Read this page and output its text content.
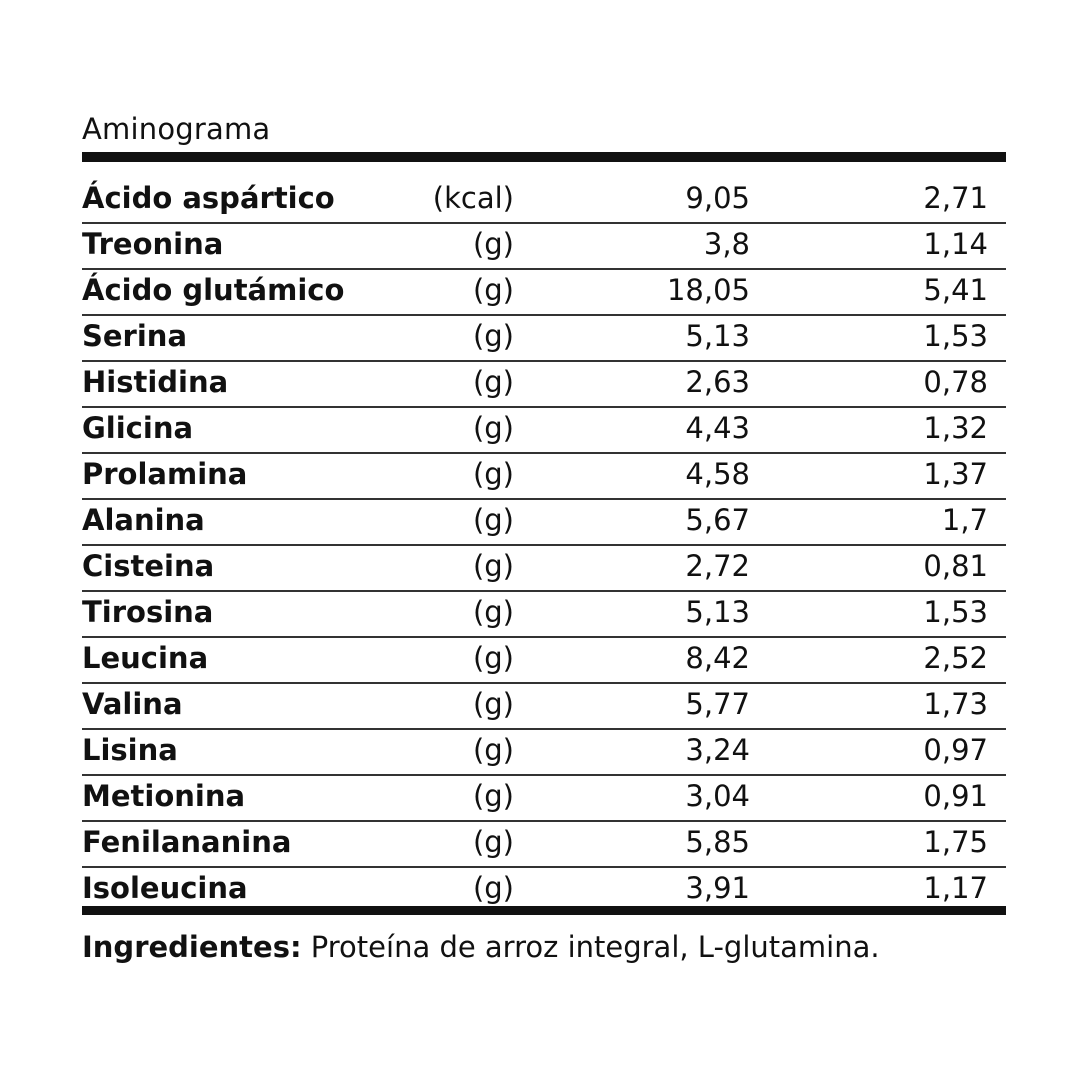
Aminograma
Ácido aspártico	(kcal)	9,05	2,71
Treonina	(g)	3,8	1,14
Ácido glutámico	(g)	18,05	5,41
Serina	(g)	5,13	1,53
Histidina	(g)	2,63	0,78
Glicina	(g)	4,43	1,32
Prolamina	(g)	4,58	1,37
Alanina	(g)	5,67	1,7
Cisteina	(g)	2,72	0,81
Tirosina	(g)	5,13	1,53
Leucina	(g)	8,42	2,52
Valina	(g)	5,77	1,73
Lisina	(g)	3,24	0,97
Metionina	(g)	3,04	0,91
Fenilananina	(g)	5,85	1,75
Isoleucina	(g)	3,91	1,17
Ingredientes: Proteína de arroz integral, L-glutamina.
